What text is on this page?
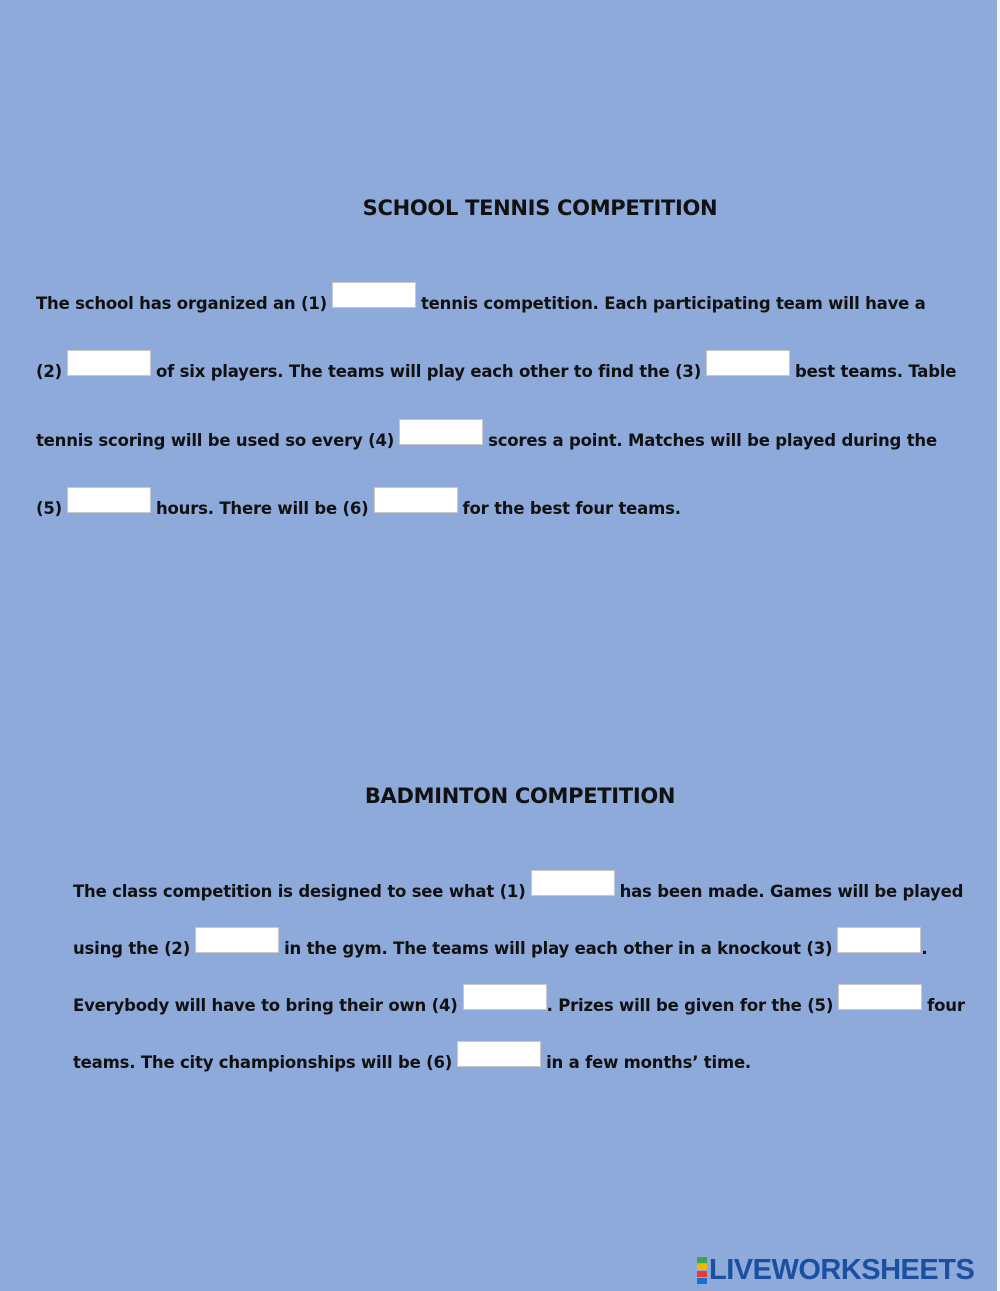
SCHOOL TENNIS COMPETITION
The school has organized an (1)	tennis competition. Each participating team will have a
(2)	of six players. The teams will play each other to find the (3)	best teams. Table
tennis scoring will be used so every (4)	scores a point. Matches will be played during the
(5)	hours. There will be (6)	for the best four teams.
BADMINTON COMPETITION
The class competition is designed to see what (1)	has been made. Games will be played
using the (2)	in the gym. The teams will play each other in a knockout (3)	.
Everybody will have to bring their own (4)	. Prizes will be given for the (5)	four
teams. The city championships will be (6)	in a few months’ time.
LIVEWORKSHEETS
